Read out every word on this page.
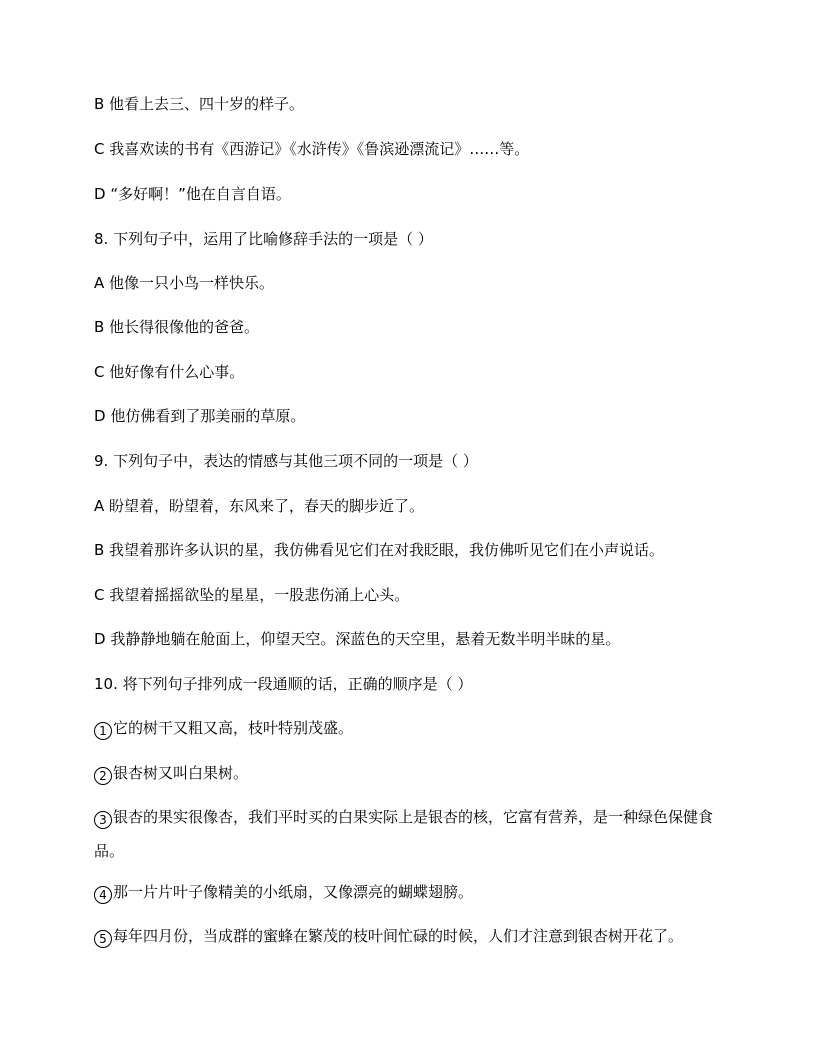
B 他看上去三、四十岁的样子。
C 我喜欢读的书有《西游记》《水浒传》《鲁滨逊漂流记》……等。
D “多好啊！”他在自言自语。
8. 下列句子中，运用了比喻修辞手法的一项是（ ）
A 他像一只小鸟一样快乐。
B 他长得很像他的爸爸。
C 他好像有什么心事。
D 他仿佛看到了那美丽的草原。
9. 下列句子中，表达的情感与其他三项不同的一项是（ ）
A 盼望着，盼望着，东风来了，春天的脚步近了。
B 我望着那许多认识的星，我仿佛看见它们在对我眨眼，我仿佛听见它们在小声说话。
C 我望着摇摇欲坠的星星，一股悲伤涌上心头。
D 我静静地躺在舱面上，仰望天空。深蓝色的天空里，悬着无数半明半昧的星。
10. 将下列句子排列成一段通顺的话，正确的顺序是（ ）
1 它的树干又粗又高，枝叶特别茂盛。
2 银杏树又叫白果树。
3 银杏的果实很像杏，我们平时买的白果实际上是银杏的核，它富有营养，是一种绿色保健食品。
4 那一片片叶子像精美的小纸扇，又像漂亮的蝴蝶翅膀。
5 每年四月份，当成群的蜜蜂在繁茂的枝叶间忙碌的时候，人们才注意到银杏树开花了。
